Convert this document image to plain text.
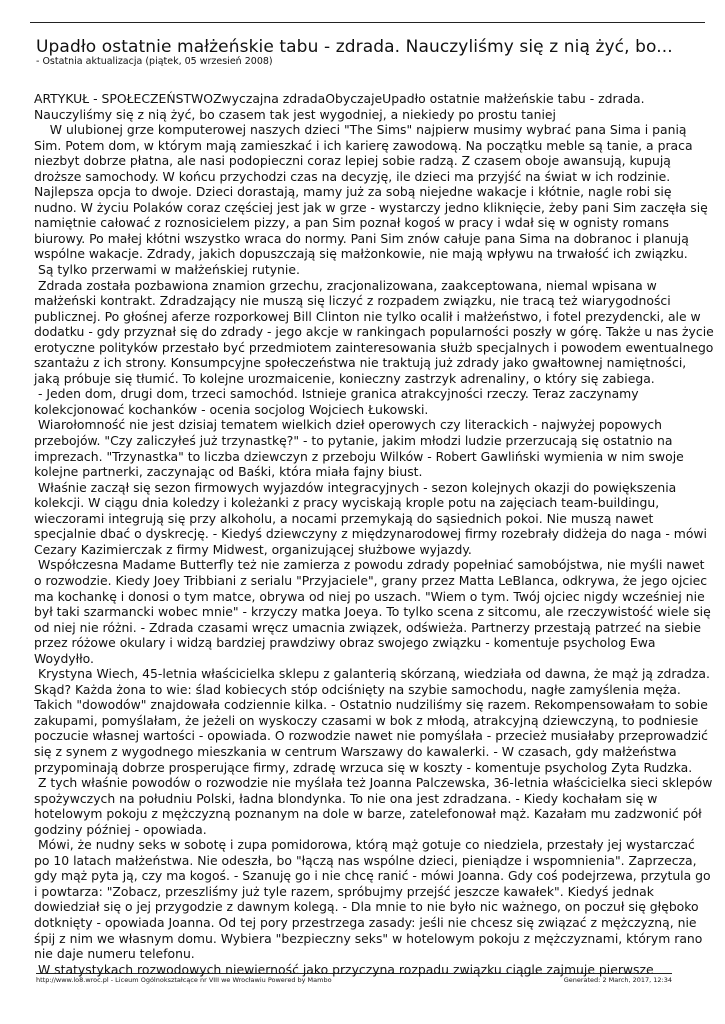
Upadło ostatnie małżeńskie tabu - zdrada. Nauczyliśmy się z nią żyć, bo...
- Ostatnia aktualizacja (piątek, 05 wrzesień 2008)

ARTYKUŁ - SPOŁECZEŃSTWOZwyczajna zdradaObyczajeUpadło ostatnie małżeńskie tabu - zdrada. Nauczyliśmy się z nią żyć, bo czasem tak jest wygodniej, a niekiedy po prostu taniej

W ulubionej grze komputerowej naszych dzieci "The Sims" najpierw musimy wybrać pana Sima i panią Sim. Potem dom, w którym mają zamieszkać i ich karierę zawodową. Na początku meble są tanie, a praca niezbyt dobrze płatna, ale nasi podopieczni coraz lepiej sobie radzą. Z czasem oboje awansują, kupują droższe samochody. W końcu przychodzi czas na decyzję, ile dzieci ma przyjść na świat w ich rodzinie. Najlepsza opcja to dwoje. Dzieci dorastają, mamy już za sobą niejedne wakacje i kłótnie, nagle robi się nudno. W życiu Polaków coraz częściej jest jak w grze - wystarczy jedno kliknięcie, żeby pani Sim zaczęła się namiętnie całować z roznosicielem pizzy, a pan Sim poznał kogoś w pracy i wdał się w ognisty romans biurowy. Po małej kłótni wszystko wraca do normy. Pani Sim znów całuje pana Sima na dobranoc i planują wspólne wakacje. Zdrady, jakich dopuszczają się małżonkowie, nie mają wpływu na trwałość ich związku.

Są tylko przerwami w małżeńskiej rutynie.

Zdrada została pozbawiona znamion grzechu, zracjonalizowana, zaakceptowana, niemal wpisana w małżeński kontrakt. Zdradzający nie muszą się liczyć z rozpadem związku, nie tracą też wiarygodności publicznej. Po głośnej aferze rozporkowej Bill Clinton nie tylko ocalił i małżeństwo, i fotel prezydencki, ale w dodatku - gdy przyznał się do zdrady - jego akcje w rankingach popularności poszły w górę. Także u nas życie erotyczne polityków przestało być przedmiotem zainteresowania służb specjalnych i powodem ewentualnego szantażu z ich strony. Konsumpcyjne społeczeństwa nie traktują już zdrady jako gwałtownej namiętności, jaką próbuje się tłumić. To kolejne urozmaicenie, konieczny zastrzyk adrenaliny, o który się zabiega.

- Jeden dom, drugi dom, trzeci samochód. Istnieje granica atrakcyjności rzeczy. Teraz zaczynamy kolekcjonować kochanków - ocenia socjolog Wojciech Łukowski.

Wiarołomność nie jest dzisiaj tematem wielkich dzieł operowych czy literackich - najwyżej popowych przebojów. "Czy zaliczyłeś już trzynastkę?" - to pytanie, jakim młodzi ludzie przerzucają się ostatnio na imprezach. "Trzynastka" to liczba dziewczyn z przeboju Wilków - Robert Gawliński wymienia w nim swoje kolejne partnerki, zaczynając od Baśki, która miała fajny biust.

Właśnie zaczął się sezon firmowych wyjazdów integracyjnych - sezon kolejnych okazji do powiększenia kolekcji. W ciągu dnia koledzy i koleżanki z pracy wyciskają krople potu na zajęciach team-buildingu, wieczorami integrują się przy alkoholu, a nocami przemykają do sąsiednich pokoi. Nie muszą nawet specjalnie dbać o dyskrecję. - Kiedyś dziewczyny z międzynarodowej firmy rozebrały didżeja do naga - mówi Cezary Kazimierczak z firmy Midwest, organizującej służbowe wyjazdy.

Współczesna Madame Butterfly też nie zamierza z powodu zdrady popełniać samobójstwa, nie myśli nawet o rozwodzie. Kiedy Joey Tribbiani z serialu "Przyjaciele", grany przez Matta LeBlanca, odkrywa, że jego ojciec ma kochankę i donosi o tym matce, obrywa od niej po uszach. "Wiem o tym. Twój ojciec nigdy wcześniej nie był taki szarmancki wobec mnie" - krzyczy matka Joeya. To tylko scena z sitcomu, ale rzeczywistość wiele się od niej nie różni. - Zdrada czasami wręcz umacnia związek, odświeża. Partnerzy przestają patrzeć na siebie przez różowe okulary i widzą bardziej prawdziwy obraz swojego związku - komentuje psycholog Ewa Woydyłło.

Krystyna Wiech, 45-letnia właścicielka sklepu z galanterią skórzaną, wiedziała od dawna, że mąż ją zdradza. Skąd? Każda żona to wie: ślad kobiecych stóp odciśnięty na szybie samochodu, nagłe zamyślenia męża. Takich "dowodów" znajdowała codziennie kilka. - Ostatnio nudziliśmy się razem. Rekompensowałam to sobie zakupami, pomyślałam, że jeżeli on wyskoczy czasami w bok z młodą, atrakcyjną dziewczyną, to podniesie poczucie własnej wartości - opowiada. O rozwodzie nawet nie pomyślała - przecież musiałaby przeprowadzić się z synem z wygodnego mieszkania w centrum Warszawy do kawalerki. - W czasach, gdy małżeństwa przypominają dobrze prosperujące firmy, zdradę wrzuca się w koszty - komentuje psycholog Zyta Rudzka.

Z tych właśnie powodów o rozwodzie nie myślała też Joanna Palczewska, 36-letnia właścicielka sieci sklepów spożywczych na południu Polski, ładna blondynka. To nie ona jest zdradzana. - Kiedy kochałam się w hotelowym pokoju z mężczyzną poznanym na dole w barze, zatelefonował mąż. Kazałam mu zadzwonić pół godziny później - opowiada.

Mówi, że nudny seks w sobotę i zupa pomidorowa, którą mąż gotuje co niedziela, przestały jej wystarczać po 10 latach małżeństwa. Nie odeszła, bo "łączą nas wspólne dzieci, pieniądze i wspomnienia". Zaprzecza, gdy mąż pyta ją, czy ma kogoś. - Szanuję go i nie chcę ranić - mówi Joanna. Gdy coś podejrzewa, przytula go i powtarza: "Zobacz, przeszliśmy już tyle razem, spróbujmy przejść jeszcze kawałek". Kiedyś jednak dowiedział się o jej przygodzie z dawnym kolegą. - Dla mnie to nie było nic ważnego, on poczuł się głęboko dotknięty - opowiada Joanna. Od tej pory przestrzega zasady: jeśli nie chcesz się związać z mężczyzną, nie śpij z nim we własnym domu. Wybiera "bezpieczny seks" w hotelowym pokoju z mężczyznami, którym rano nie daje numeru telefonu.

W statystykach rozwodowych niewierność jako przyczyna rozpadu związku ciągle zajmuje pierwsze

http://www.lo8.wroc.pl - Liceum Ogólnokształcące nr VIII we Wrocławiu Powered by Mambo	Generated: 2 March, 2017, 12:34
